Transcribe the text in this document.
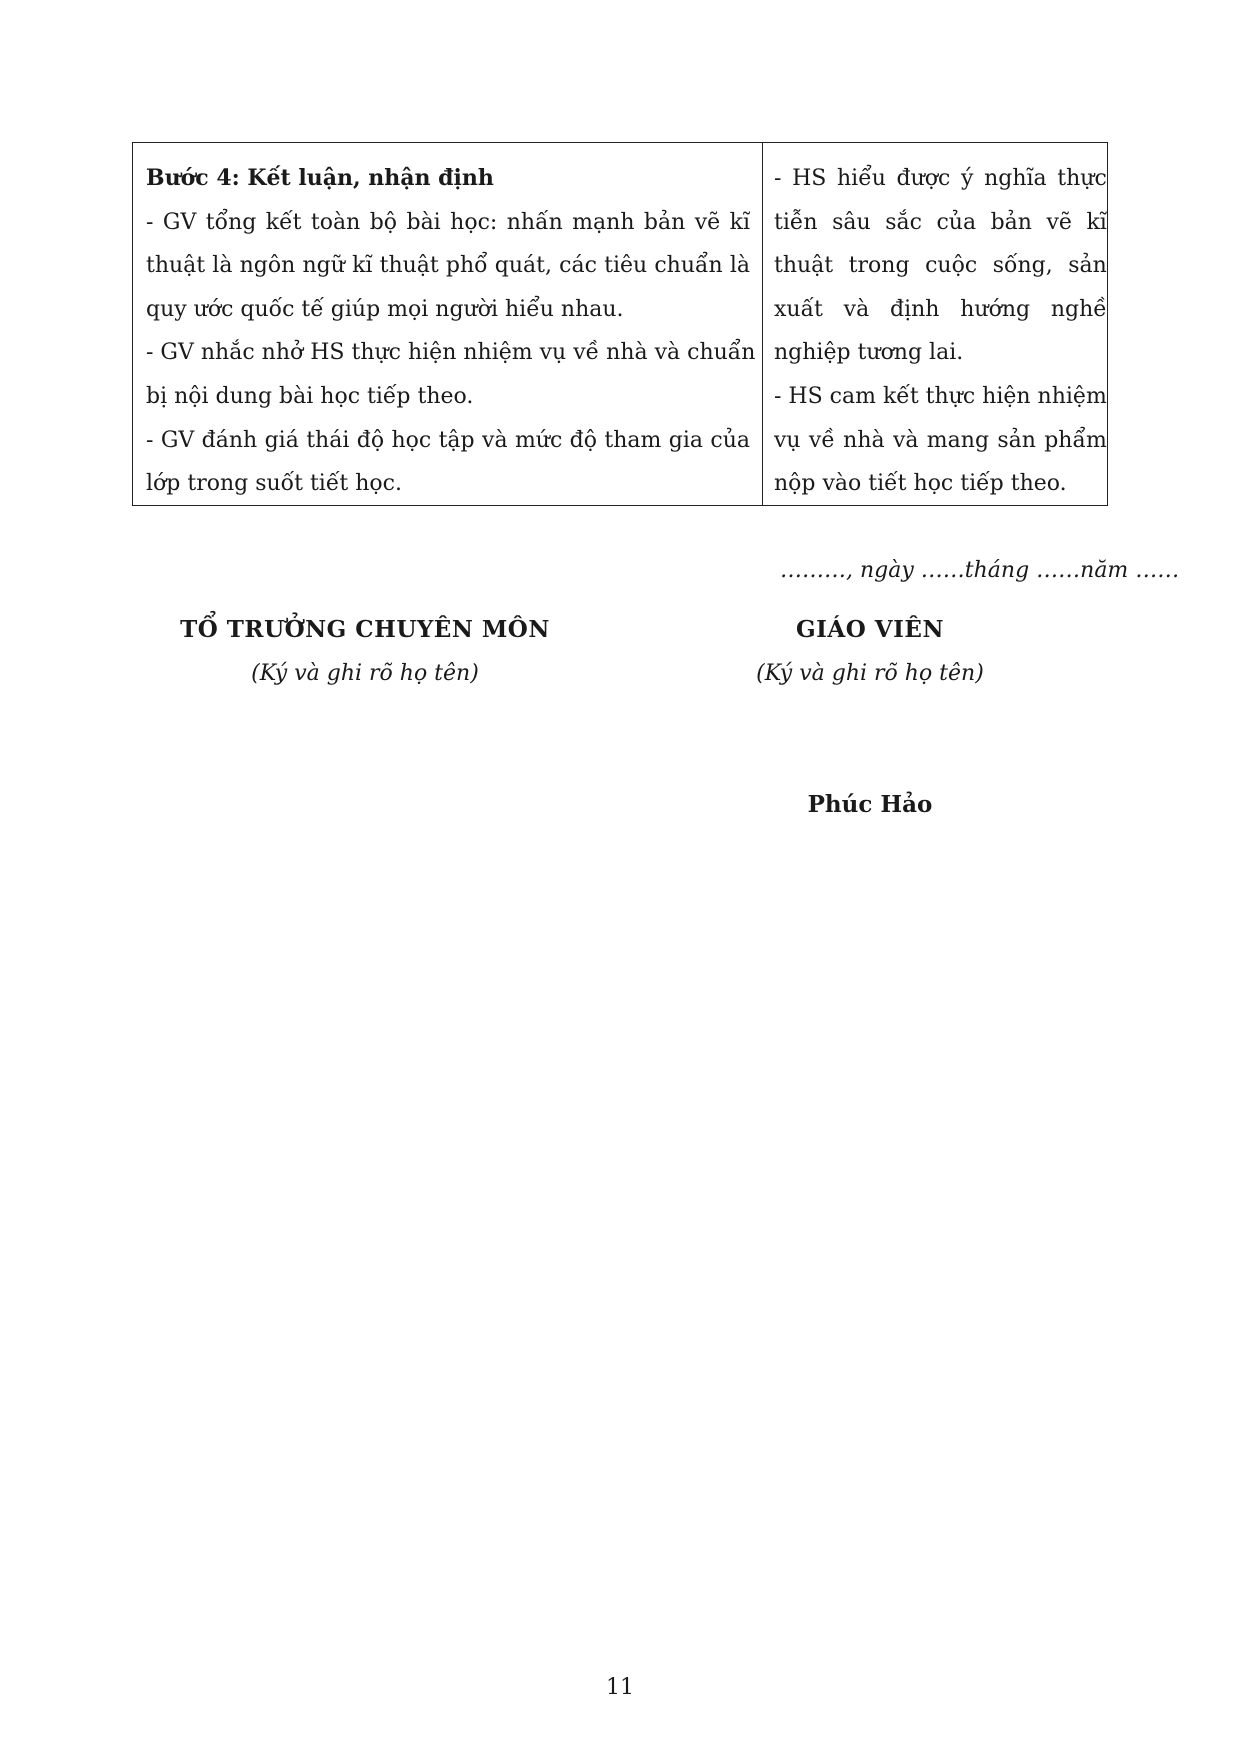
Bước 4: Kết luận, nhận định
- GV tổng kết toàn bộ bài học: nhấn mạnh bản vẽ kĩ
thuật là ngôn ngữ kĩ thuật phổ quát, các tiêu chuẩn là
quy ước quốc tế giúp mọi người hiểu nhau.
- GV nhắc nhở HS thực hiện nhiệm vụ về nhà và chuẩn
bị nội dung bài học tiếp theo.
- GV đánh giá thái độ học tập và mức độ tham gia của
lớp trong suốt tiết học.
- HS hiểu được ý nghĩa thực
tiễn sâu sắc của bản vẽ kĩ
thuật trong cuộc sống, sản
xuất và định hướng nghề
nghiệp tương lai.
- HS cam kết thực hiện nhiệm
vụ về nhà và mang sản phẩm
nộp vào tiết học tiếp theo.
………, ngày ……tháng ……năm ……
TỔ TRƯỞNG CHUYÊN MÔN
(Ký và ghi rõ họ tên)
GIÁO VIÊN
(Ký và ghi rõ họ tên)
Phúc Hảo
11
